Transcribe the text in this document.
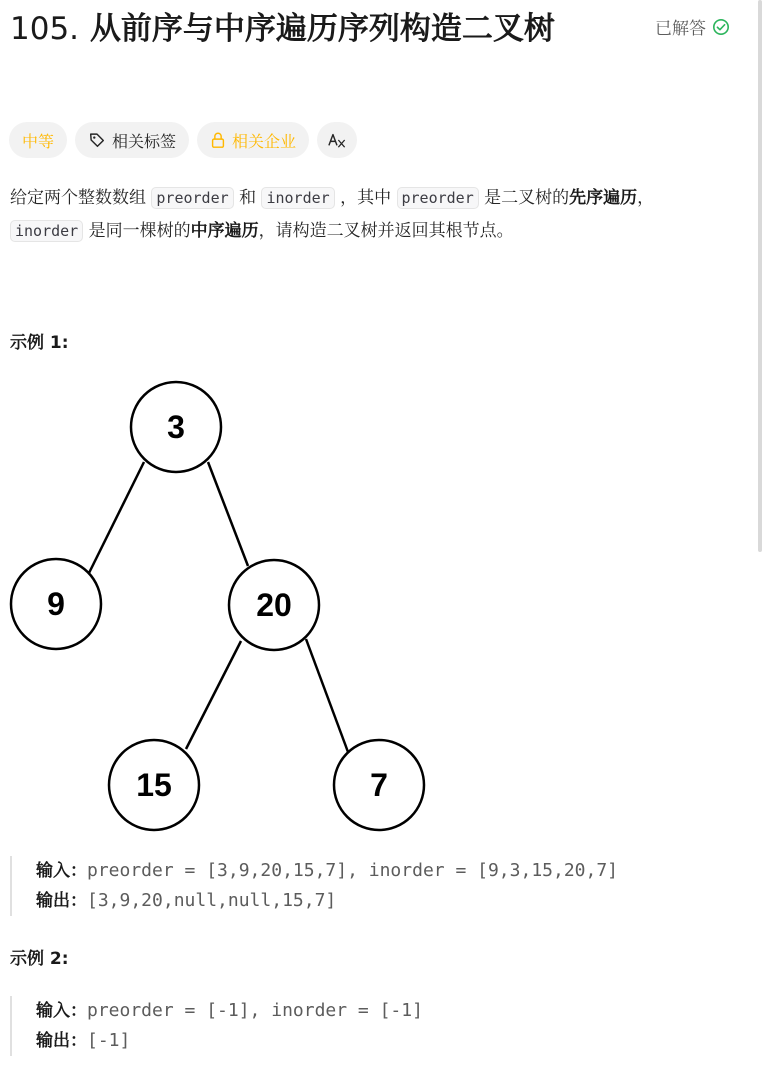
105. 从前序与中序遍历序列构造二叉树	已解答
中等	相关标签	相关企业
给定两个整数数组 preorder 和 inorder ，其中 preorder 是二叉树的先序遍历， inorder 是同一棵树的中序遍历，请构造二叉树并返回其根节点。
示例 1:
3
9	20
15	7
输入：preorder = [3,9,20,15,7], inorder = [9,3,15,20,7]
输出：[3,9,20,null,null,15,7]
示例 2:
输入：preorder = [-1], inorder = [-1]
输出：[-1]
